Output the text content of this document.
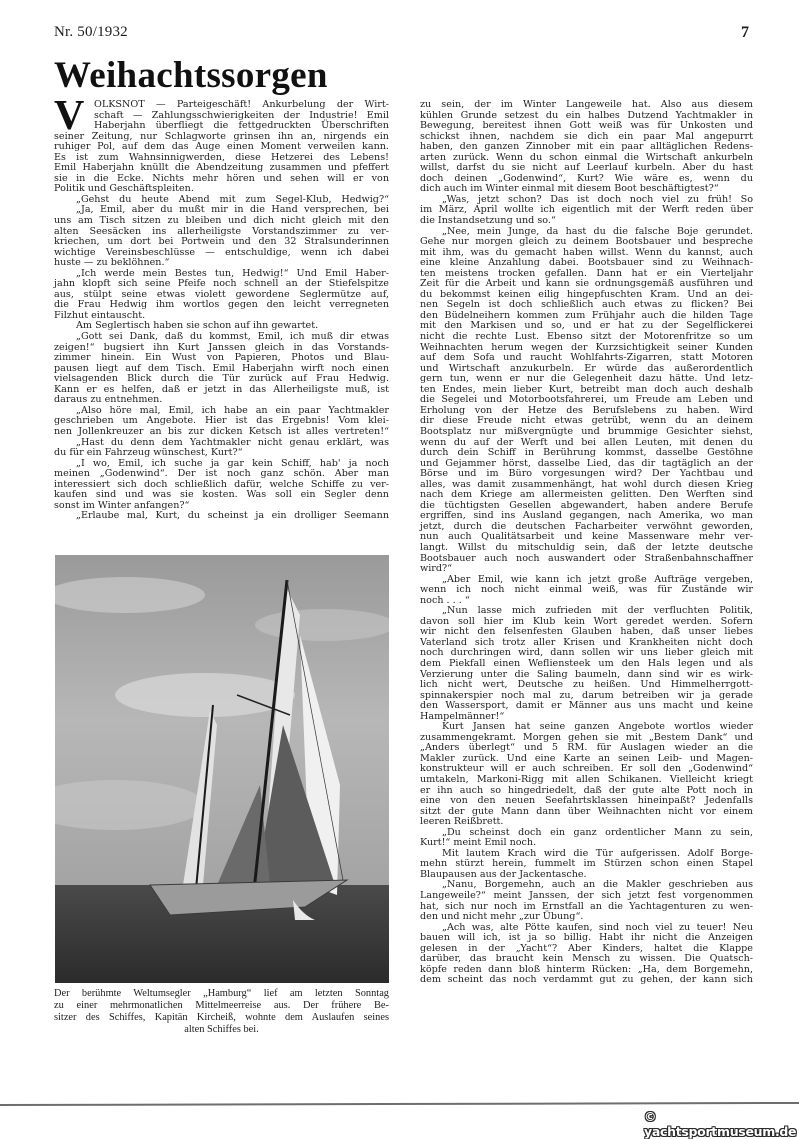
Nr. 50/1932	7
Weihachtssorgen
V	OLKSNOT — Parteigeschäft! Ankurbelung der Wirt-
schaft — Zahlungsschwierigkeiten der Industrie! Emil
Haberjahn überfliegt die fettgedruckten Überschriften
seiner Zeitung, nur Schlagworte grinsen ihn an, nirgends ein
ruhiger Pol, auf dem das Auge einen Moment verweilen kann.
Es ist zum Wahnsinnigwerden, diese Hetzerei des Lebens!
Emil Haberjahn knüllt die Abendzeitung zusammen und pfeffert
sie in die Ecke. Nichts mehr hören und sehen will er von
Politik und Geschäftspleiten.
„Gehst du heute Abend mit zum Segel-Klub, Hedwig?“
„Ja, Emil, aber du mußt mir in die Hand versprechen, bei
uns am Tisch sitzen zu bleiben und dich nicht gleich mit den
alten Seesäcken ins allerheiligste Vorstandszimmer zu ver-
kriechen, um dort bei Portwein und den 32 Stralsunderinnen
wichtige Vereinsbeschlüsse — entschuldige, wenn ich dabei
huste — zu beklöhnen.“
„Ich werde mein Bestes tun, Hedwig!“ Und Emil Haber-
jahn klopft sich seine Pfeife noch schnell an der Stiefelspitze
aus, stülpt seine etwas violett gewordene Seglermütze auf,
die Frau Hedwig ihm wortlos gegen den leicht verregneten
Filzhut eintauscht.
Am Seglertisch haben sie schon auf ihn gewartet.
„Gott sei Dank, daß du kommst, Emil, ich muß dir etwas
zeigen!“ bugsiert ihn Kurt Janssen gleich in das Vorstands-
zimmer hinein. Ein Wust von Papieren, Photos und Blau-
pausen liegt auf dem Tisch. Emil Haberjahn wirft noch einen
vielsagenden Blick durch die Tür zurück auf Frau Hedwig.
Kann er es helfen, daß er jetzt in das Allerheiligste muß, ist
daraus zu entnehmen.
„Also höre mal, Emil, ich habe an ein paar Yachtmakler
geschrieben um Angebote. Hier ist das Ergebnis! Vom klei-
nen Jollenkreuzer an bis zur dicken Ketsch ist alles vertreten!“
„Hast du denn dem Yachtmakler nicht genau erklärt, was
du für ein Fahrzeug wünschest, Kurt?“
„I wo, Emil, ich suche ja gar kein Schiff, hab' ja noch
meinen „Godenwind“. Der ist noch ganz schön. Aber man
interessiert sich doch schließlich dafür, welche Schiffe zu ver-
kaufen sind und was sie kosten. Was soll ein Segler denn
sonst im Winter anfangen?“
„Erlaube mal, Kurt, du scheinst ja ein drolliger Seemann
zu sein, der im Winter Langeweile hat. Also aus diesem
kühlen Grunde setzest du ein halbes Dutzend Yachtmakler in
Bewegung, bereitest ihnen Gott weiß was für Unkosten und
schickst ihnen, nachdem sie dich ein paar Mal angepurrt
haben, den ganzen Zinnober mit ein paar alltäglichen Redens-
arten zurück. Wenn du schon einmal die Wirtschaft ankurbeln
willst, darfst du sie nicht auf Leerlauf kurbeln. Aber du hast
doch deinen „Godenwind“, Kurt? Wie wäre es, wenn du
dich auch im Winter einmal mit diesem Boot beschäftigtest?“
„Was, jetzt schon? Das ist doch noch viel zu früh! So
im März, April wollte ich eigentlich mit der Werft reden über
die Instandsetzung und so.“
„Nee, mein Junge, da hast du die falsche Boje gerundet.
Gehe nur morgen gleich zu deinem Bootsbauer und bespreche
mit ihm, was du gemacht haben willst. Wenn du kannst, auch
eine kleine Anzahlung dabei. Bootsbauer sind zu Weihnach-
ten meistens trocken gefallen. Dann hat er ein Vierteljahr
Zeit für die Arbeit und kann sie ordnungsgemäß ausführen und
du bekommst keinen eilig hingepfuschten Kram. Und an dei-
nen Segeln ist doch schließlich auch etwas zu flicken? Bei
den Büdelneihern kommen zum Frühjahr auch die hilden Tage
mit den Markisen und so, und er hat zu der Segelflickerei
nicht die rechte Lust. Ebenso sitzt der Motorenfritze so um
Weihnachten herum wegen der Kurzsichtigkeit seiner Kunden
auf dem Sofa und raucht Wohlfahrts-Zigarren, statt Motoren
und Wirtschaft anzukurbeln. Er würde das außerordentlich
gern tun, wenn er nur die Gelegenheit dazu hätte. Und letz-
ten Endes, mein lieber Kurt, betreibt man doch auch deshalb
die Segelei und Motorbootsfahrerei, um Freude am Leben und
Erholung von der Hetze des Berufslebens zu haben. Wird
dir diese Freude nicht etwas getrübt, wenn du an deinem
Bootsplatz nur mißvergnügte und brummige Gesichter siehst,
wenn du auf der Werft und bei allen Leuten, mit denen du
durch dein Schiff in Berührung kommst, dasselbe Gestöhne
und Gejammer hörst, dasselbe Lied, das dir tagtäglich an der
Börse und im Büro vorgesungen wird? Der Yachtbau und
alles, was damit zusammenhängt, hat wohl durch diesen Krieg
nach dem Kriege am allermeisten gelitten. Den Werften sind
die tüchtigsten Gesellen abgewandert, haben andere Berufe
ergriffen, sind ins Ausland gegangen, nach Amerika, wo man
jetzt, durch die deutschen Facharbeiter verwöhnt geworden,
nun auch Qualitätsarbeit und keine Massenware mehr ver-
langt. Willst du mitschuldig sein, daß der letzte deutsche
Bootsbauer auch noch auswandert oder Straßenbahnschaffner
wird?“
„Aber Emil, wie kann ich jetzt große Aufträge vergeben,
wenn ich noch nicht einmal weiß, was für Zustände wir
noch . . . “
„Nun lasse mich zufrieden mit der verfluchten Politik,
davon soll hier im Klub kein Wort geredet werden. Sofern
wir nicht den felsenfesten Glauben haben, daß unser liebes
Vaterland sich trotz aller Krisen und Krankheiten nicht doch
noch durchringen wird, dann sollen wir uns lieber gleich mit
dem Piekfall einen Wefliensteek um den Hals legen und als
Verzierung unter die Saling baumeln, dann sind wir es wirk-
lich nicht wert, Deutsche zu heißen. Und Himmelherrgott-
spinnakerspier noch mal zu, darum betreiben wir ja gerade
den Wassersport, damit er Männer aus uns macht und keine
Hampelmänner!“
Kurt Jansen hat seine ganzen Angebote wortlos wieder
zusammengekramt. Morgen gehen sie mit „Bestem Dank“ und
„Anders überlegt“ und 5 RM. für Auslagen wieder an die
Makler zurück. Und eine Karte an seinen Leib- und Magen-
konstrukteur will er auch schreiben. Er soll den „Godenwind“
umtakeln, Markoni-Rigg mit allen Schikanen. Vielleicht kriegt
er ihn auch so hingedriedelt, daß der gute alte Pott noch in
eine von den neuen Seefahrtsklassen hineinpaßt? Jedenfalls
sitzt der gute Mann dann über Weihnachten nicht vor einem
leeren Reißbrett.
„Du scheinst doch ein ganz ordentlicher Mann zu sein,
Kurt!“ meint Emil noch.
Mit lautem Krach wird die Tür aufgerissen. Adolf Borge-
mehn stürzt herein, fummelt im Stürzen schon einen Stapel
Blaupausen aus der Jackentasche.
„Nanu, Borgemehn, auch an die Makler geschrieben aus
Langeweile?“ meint Janssen, der sich jetzt fest vorgenommen
hat, sich nur noch im Ernstfall an die Yachtagenturen zu wen-
den und nicht mehr „zur Übung“.
„Ach was, alte Pötte kaufen, sind noch viel zu teuer! Neu
bauen will ich, ist ja so billig. Habt ihr nicht die Anzeigen
gelesen in der „Yacht“? Aber Kinders, haltet die Klappe
darüber, das braucht kein Mensch zu wissen. Die Quatsch-
köpfe reden dann bloß hinterm Rücken: „Ha, dem Borgemehn,
dem scheint das noch verdammt gut zu gehen, der kann sich
Der berühmte Weltumsegler „Hamburg“ lief am letzten Sonntag
zu einer mehrmonatlichen Mittelmeerreise aus. Der frühere Be-
sitzer des Schiffes, Kapitän Kircheiß, wohnte dem Auslaufen seines
alten Schiffes bei.
© yachtsportmuseum.de
